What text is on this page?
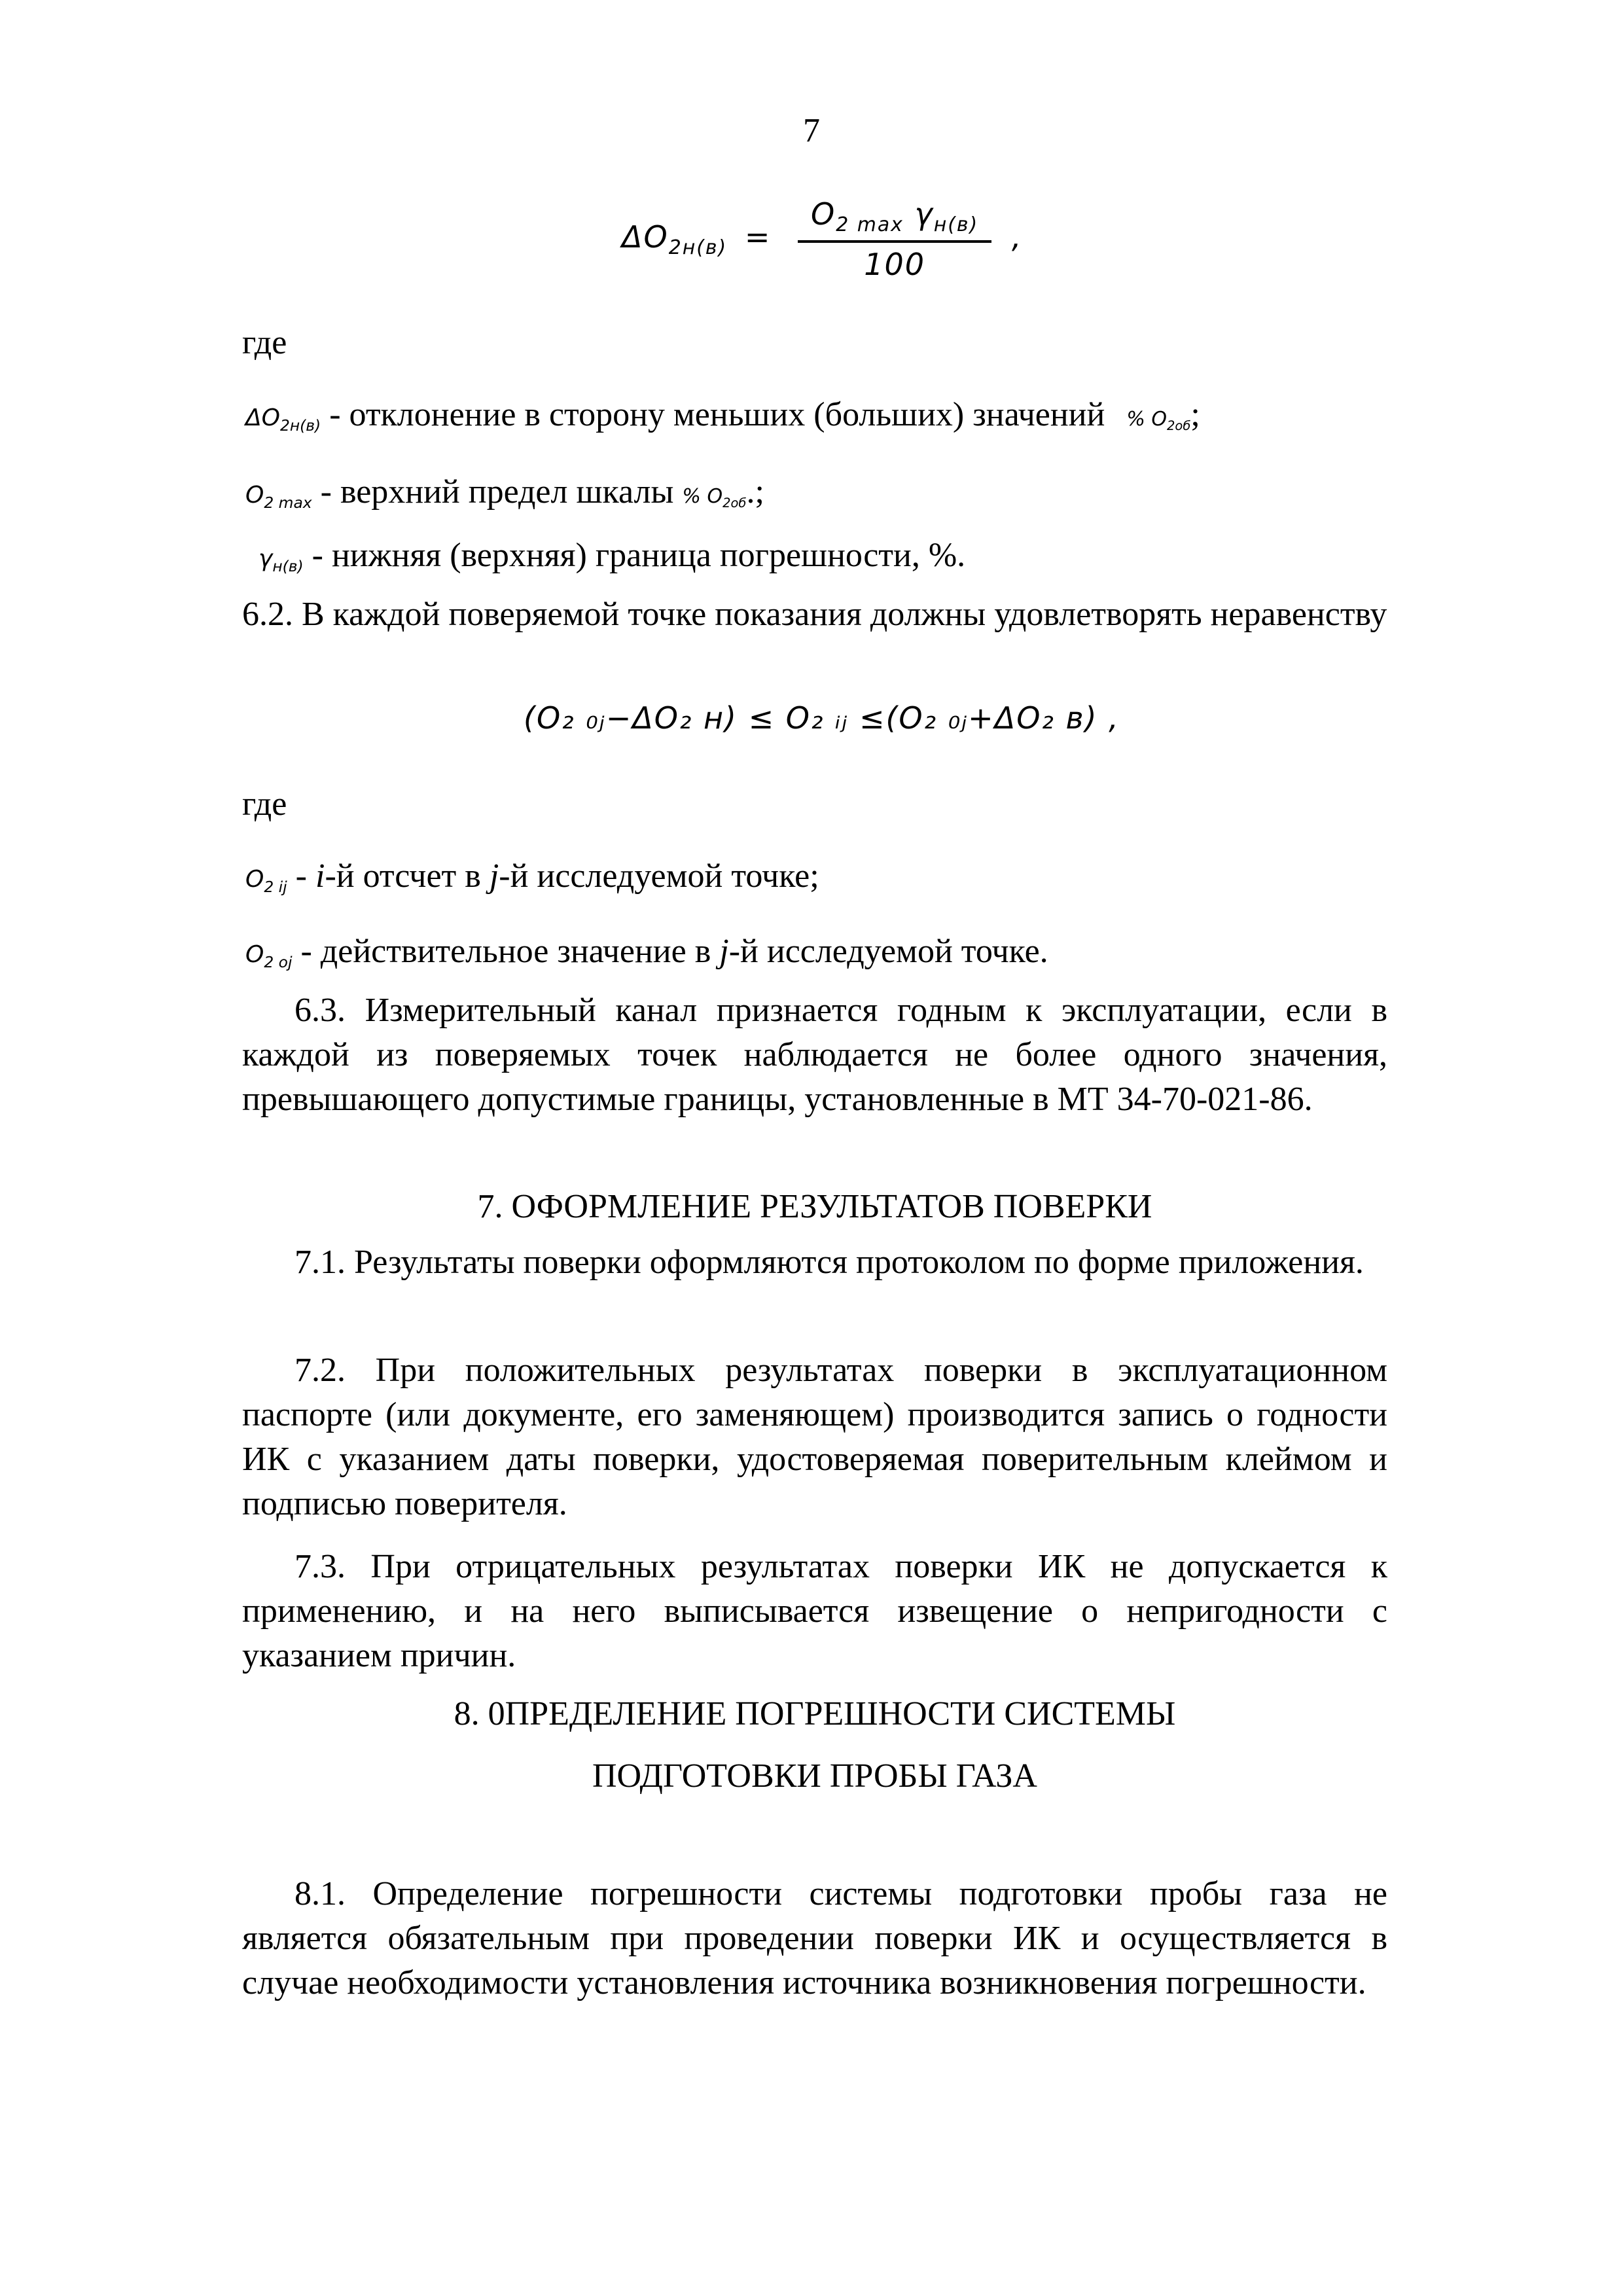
7
$\Delta O_{2н(в)} = \frac{O_{2 max} \gamma_{н(в)}}{100}$ ,
где
$\Delta O_{2н(в)}$ - отклонение в сторону меньших (больших) значений % $O_{2об}$;
$O_{2 max}$ - верхний предел шкалы % $O_{2об}$.;
$\gamma_{н(в)}$ - нижняя (верхняя) граница погрешности, %.
6.2. В каждой поверяемой точке показания должны удовлетворять неравенству
(O₂ ₀ⱼ−ΔO₂ н) ≤ O₂ ᵢⱼ ≤(O₂ ₀ⱼ+ΔO₂ в) ,
где
$O_{2 ij} - i-й$ отсчет в j-й исследуемой точке;
$O_{2 oj}$ - действительное значение в j-й исследуемой точке.
6.3. Измерительный канал признается годным к эксплуатации, если в каждой из поверяемых точек наблюдается не более одного значения, превышающего допустимые границы, установленные в МТ 34-70-021-86.
7. ОФОРМЛЕНИЕ РЕЗУЛЬТАТОВ ПОВЕРКИ
7.1. Результаты поверки оформляются протоколом по форме приложения.
7.2. При положительных результатах поверки в эксплуатационном паспорте (или документе, его заменяющем) производится запись о годности ИК с указанием даты поверки, удостоверяемая поверительным клеймом и подписью поверителя.
7.3. При отрицательных результатах поверки ИК не допускается к применению, и на него выписывается извещение о непригодности с указанием причин.
8. 0ПРЕДЕЛЕНИЕ ПОГРЕШНОСТИ СИСТЕМЫ
ПОДГОТОВКИ ПРОБЫ ГАЗА
8.1. Определение погрешности системы подготовки пробы газа не является обязательным при проведении поверки ИК и осуществляется в случае необходимости установления источника возникновения погрешности.
